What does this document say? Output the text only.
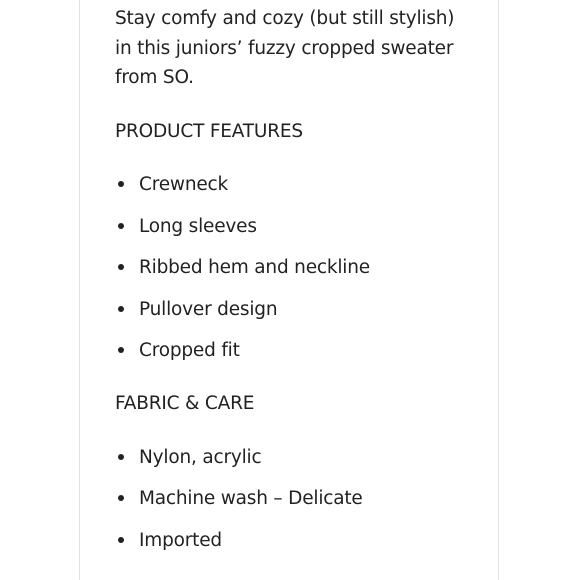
Stay comfy and cozy (but still stylish) in this juniors’ fuzzy cropped sweater from SO.

PRODUCT FEATURES
Crewneck
Long sleeves
Ribbed hem and neckline
Pullover design
Cropped fit
FABRIC & CARE
Nylon, acrylic
Machine wash – Delicate
Imported
